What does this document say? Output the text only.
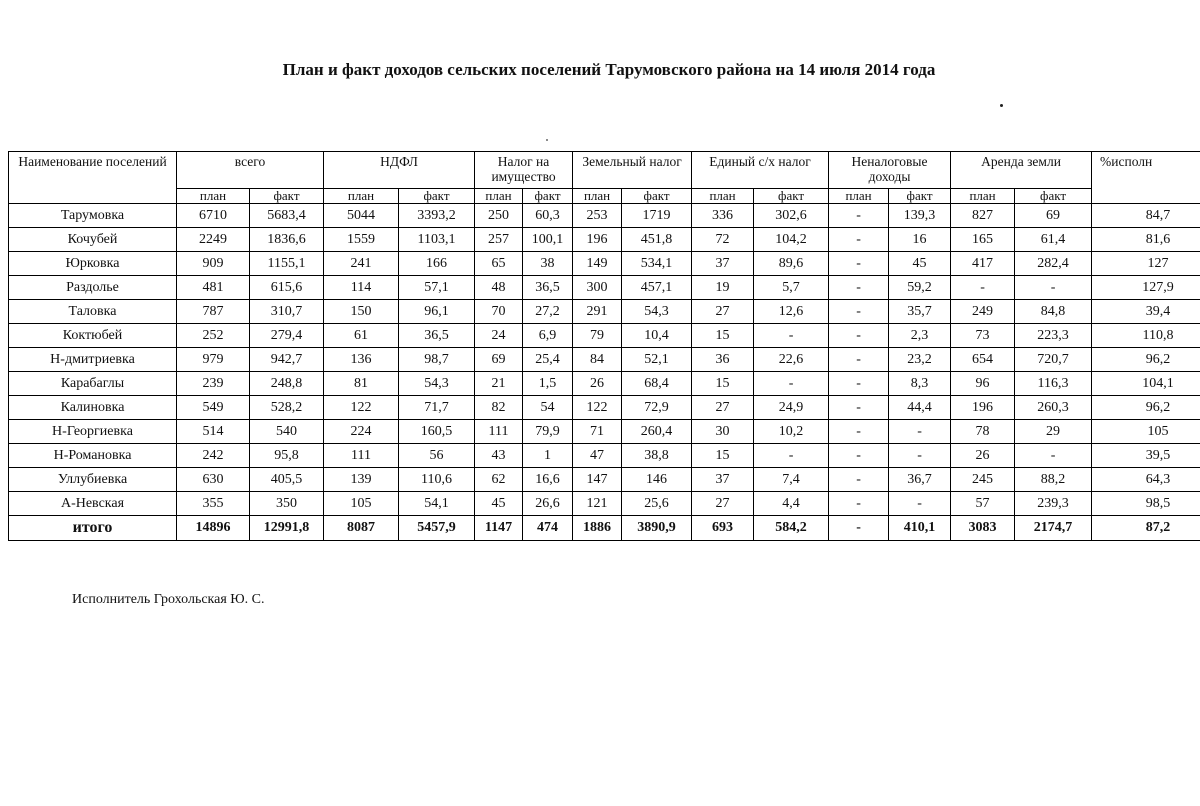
План и факт доходов сельских поселений Тарумовского района на 14 июля 2014 года
Наименование поселений	всего		НДФЛ		Налог на имущество		Земельный налог		Единый с/х налог		Неналоговые доходы		Аренда земли		%исполн
	план	факт	план	факт	план	факт	план	факт	план	факт	план	факт	план	факт	
Тарумовка	6710	5683,4	5044	3393,2	250	60,3	253	1719	336	302,6	-	139,3	827	69	84,7
Кочубей	2249	1836,6	1559	1103,1	257	100,1	196	451,8	72	104,2	-	16	165	61,4	81,6
Юрковка	909	1155,1	241	166	65	38	149	534,1	37	89,6	-	45	417	282,4	127
Раздолье	481	615,6	114	57,1	48	36,5	300	457,1	19	5,7	-	59,2	-	-	127,9
Таловка	787	310,7	150	96,1	70	27,2	291	54,3	27	12,6	-	35,7	249	84,8	39,4
Коктюбей	252	279,4	61	36,5	24	6,9	79	10,4	15	-	-	2,3	73	223,3	110,8
Н-дмитриевка	979	942,7	136	98,7	69	25,4	84	52,1	36	22,6	-	23,2	654	720,7	96,2
Карабаглы	239	248,8	81	54,3	21	1,5	26	68,4	15	-	-	8,3	96	116,3	104,1
Калиновка	549	528,2	122	71,7	82	54	122	72,9	27	24,9	-	44,4	196	260,3	96,2
Н-Георгиевка	514	540	224	160,5	111	79,9	71	260,4	30	10,2	-	-	78	29	105
Н-Романовка	242	95,8	111	56	43	1	47	38,8	15	-	-	-	26	-	39,5
Уллубиевка	630	405,5	139	110,6	62	16,6	147	146	37	7,4	-	36,7	245	88,2	64,3
А-Невская	355	350	105	54,1	45	26,6	121	25,6	27	4,4	-	-	57	239,3	98,5
итого	14896	12991,8	8087	5457,9	1147	474	1886	3890,9	693	584,2	-	410,1	3083	2174,7	87,2
Исполнитель Грохольская Ю. С.
